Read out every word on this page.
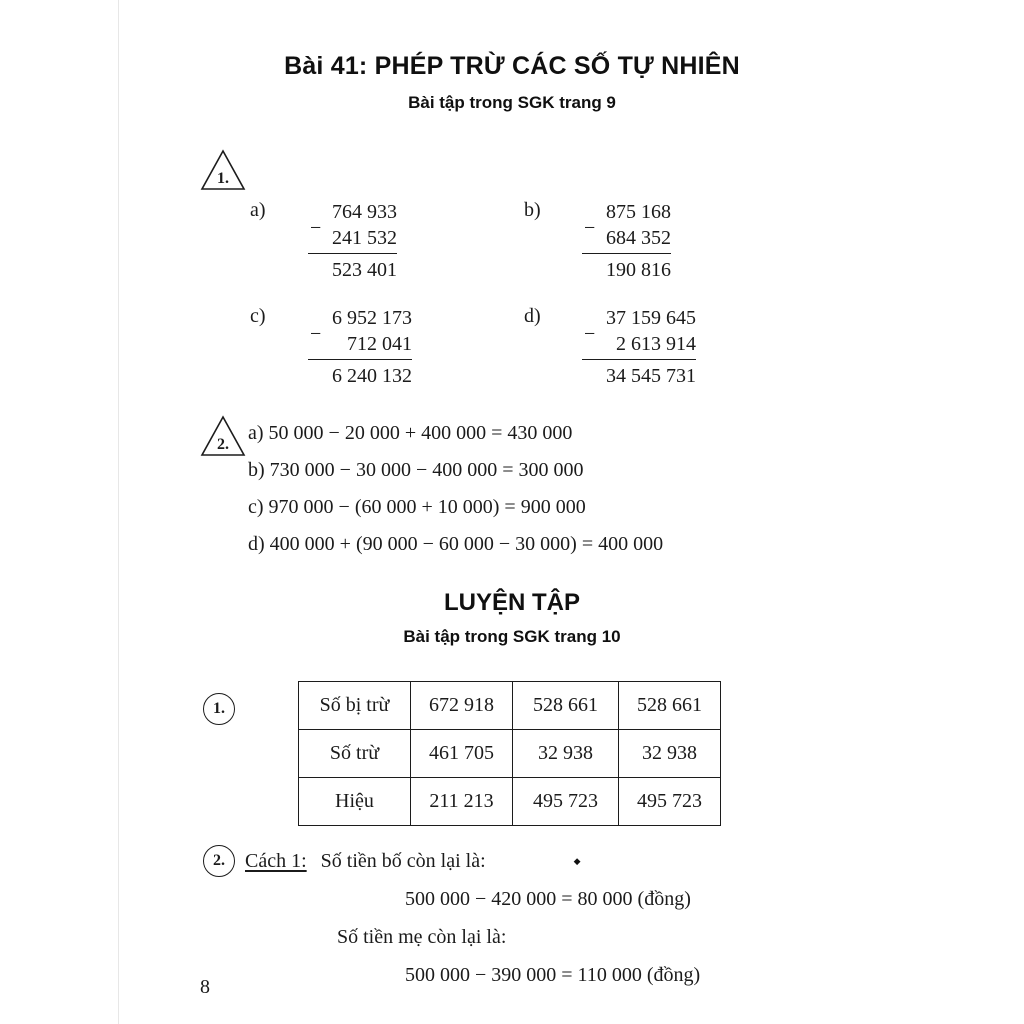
Bài 41: PHÉP TRỪ CÁC SỐ TỰ NHIÊN
Bài tập trong SGK trang 9
1.
a)
−
764 933
241 532
523 401
b)
−
875 168
684 352
190 816
c)
−
6 952 173
712 041
6 240 132
d)
−
37 159 645
2 613 914
34 545 731
2.
a) 50 000 − 20 000 + 400 000 = 430 000
b) 730 000 − 30 000 − 400 000 = 300 000
c) 970 000 − (60 000 + 10 000) = 900 000
d) 400 000 + (90 000 − 60 000 − 30 000) = 400 000
LUYỆN TẬP
Bài tập trong SGK trang 10
1.	Số bị trừ	672 918	528 661	528 661
Số trừ	461 705	32 938	32 938
Hiệu	211 213	495 723	495 723
2. Cách 1: Số tiền bố còn lại là:	◆
500 000 − 420 000 = 80 000 (đồng)
Số tiền mẹ còn lại là:
500 000 − 390 000 = 110 000 (đồng)
8
